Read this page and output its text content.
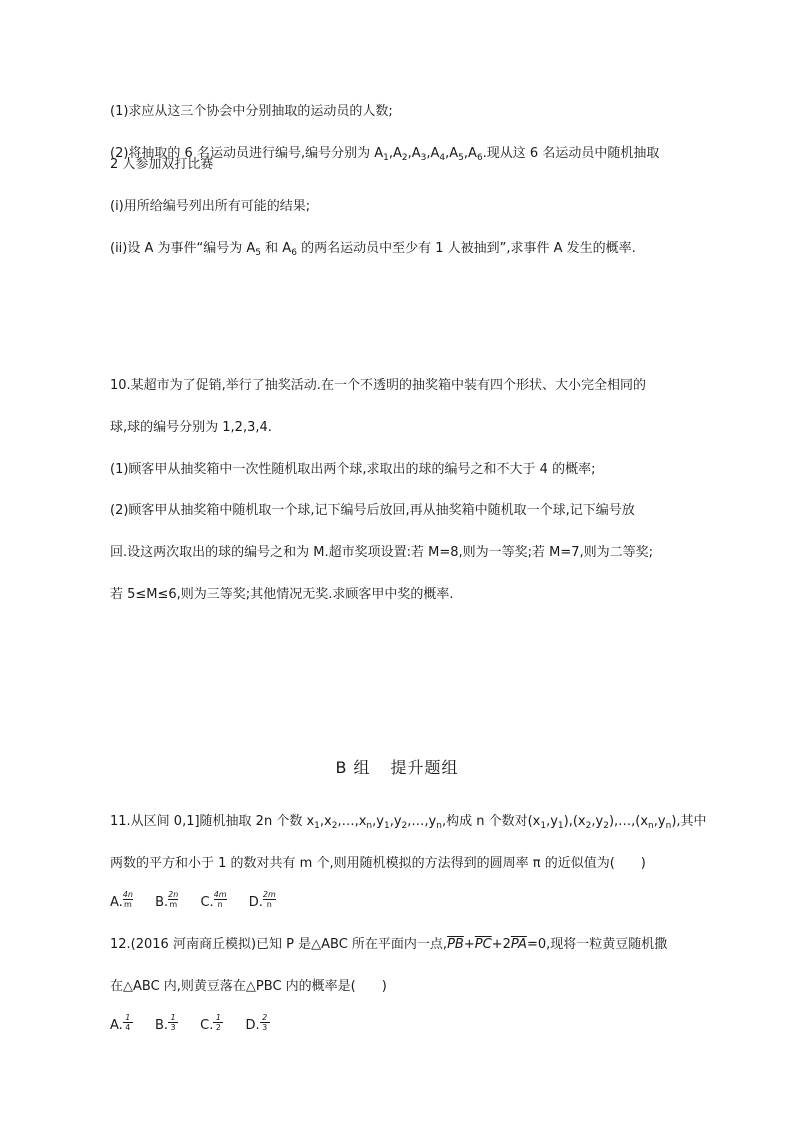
(1)求应从这三个协会中分别抽取的运动员的人数;
(2)将抽取的 6 名运动员进行编号,编号分别为 $A_1,A_2,A_3,A_4,A_5,A_6$.现从这 6 名运动员中随机抽取
2 人参加双打比赛
(i)用所给编号列出所有可能的结果;
(ii)设 A 为事件“编号为 $A_5$ 和 $A_6$ 的两名运动员中至少有 1 人被抽到”,求事件 A 发生的概率.
10.某超市为了促销,举行了抽奖活动.在一个不透明的抽奖箱中装有四个形状、大小完全相同的
球,球的编号分别为 1,2,3,4.
(1)顾客甲从抽奖箱中一次性随机取出两个球,求取出的球的编号之和不大于 4 的概率;
(2)顾客甲从抽奖箱中随机取一个球,记下编号后放回,再从抽奖箱中随机取一个球,记下编号放
回.设这两次取出的球的编号之和为 M.超市奖项设置:若 M=8,则为一等奖;若 M=7,则为二等奖;
若 5≤M≤6,则为三等奖;其他情况无奖.求顾客甲中奖的概率.
B 组 提升题组
11.从区间 0,1]随机抽取 2n 个数 $x_1,x_2,\dots,x_n,y_1,y_2,\dots,y_n$,构成 n 个数对$(x_1,y_1),(x_2,y_2),\dots,(x_n,y_n)$,其中
两数的平方和小于 1 的数对共有 m 个,则用随机模拟的方法得到的圆周率 π 的近似值为( )
A. $\frac{4n}{m} B$. $\frac{2n}{m} C$. $\frac{4m}{n} D$. $\frac{2m}{n}$
12.(2016 河南商丘模拟)已知 P 是△ABC 所在平面内一点$,\overline{PB}+\overline{PC}+2\overline{PA}=0$,现将一粒黄豆随机撒
在△ABC 内,则黄豆落在△PBC 内的概率是( )
A. $\frac{1}{4} B$. $\frac{1}{3} C$. $\frac{1}{2} D$. $\frac{2}{3}$
